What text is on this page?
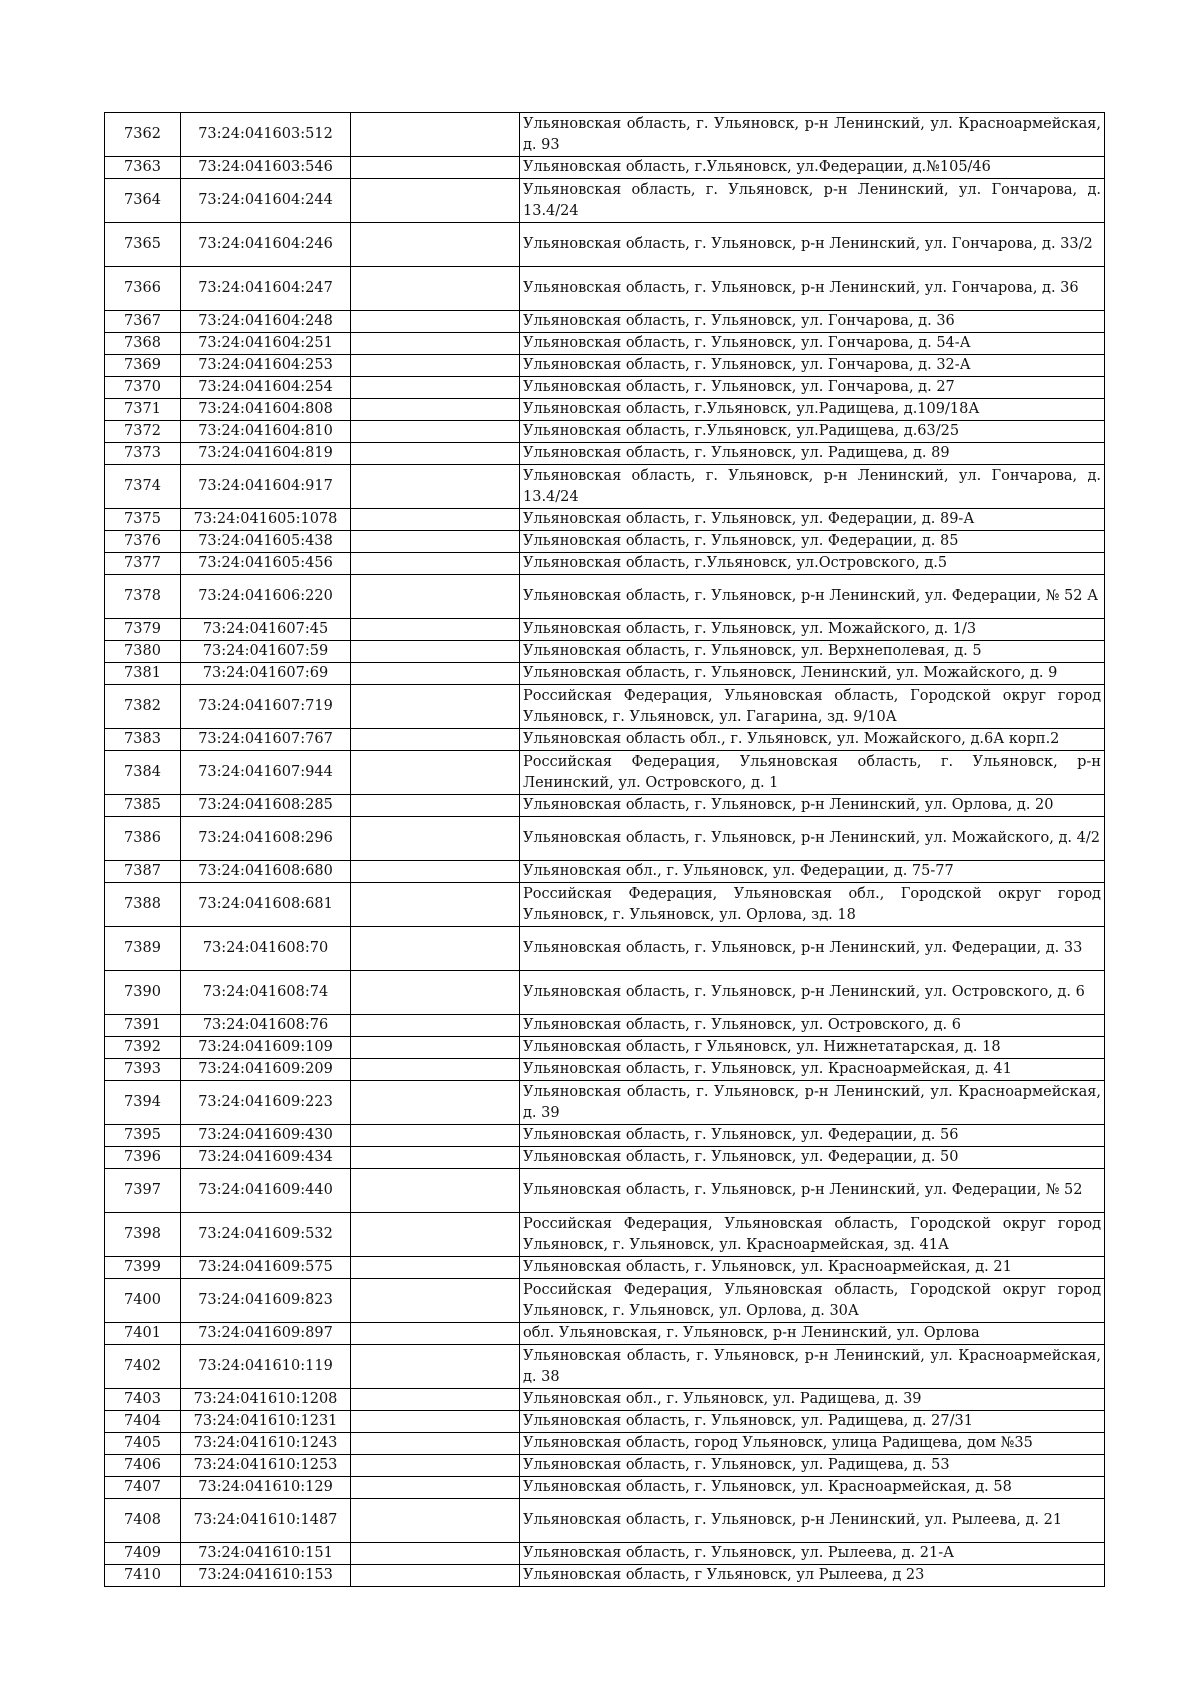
7362	73:24:041603:512		Ульяновская область, г. Ульяновск, р-н Ленинский, ул. Красноармейская, д. 93
7363	73:24:041603:546		Ульяновская область, г.Ульяновск, ул.Федерации, д.№105/46
7364	73:24:041604:244		Ульяновская область, г. Ульяновск, р-н Ленинский, ул. Гончарова, д. 13.4/24
7365	73:24:041604:246		Ульяновская область, г. Ульяновск, р-н Ленинский, ул. Гончарова, д. 33/2
7366	73:24:041604:247		Ульяновская область, г. Ульяновск, р-н Ленинский, ул. Гончарова, д. 36
7367	73:24:041604:248		Ульяновская область, г. Ульяновск, ул. Гончарова, д. 36
7368	73:24:041604:251		Ульяновская область, г. Ульяновск, ул. Гончарова, д. 54-А
7369	73:24:041604:253		Ульяновская область, г. Ульяновск, ул. Гончарова, д. 32-А
7370	73:24:041604:254		Ульяновская область, г. Ульяновск, ул. Гончарова, д. 27
7371	73:24:041604:808		Ульяновская область, г.Ульяновск, ул.Радищева, д.109/18А
7372	73:24:041604:810		Ульяновская область, г.Ульяновск, ул.Радищева, д.63/25
7373	73:24:041604:819		Ульяновская область, г. Ульяновск, ул. Радищева, д. 89
7374	73:24:041604:917		Ульяновская область, г. Ульяновск, р-н Ленинский, ул. Гончарова, д. 13.4/24
7375	73:24:041605:1078		Ульяновская область, г. Ульяновск, ул. Федерации, д. 89-А
7376	73:24:041605:438		Ульяновская область, г. Ульяновск, ул. Федерации, д. 85
7377	73:24:041605:456		Ульяновская область, г.Ульяновск, ул.Островского, д.5
7378	73:24:041606:220		Ульяновская область, г. Ульяновск, р-н Ленинский, ул. Федерации, № 52 А
7379	73:24:041607:45		Ульяновская область, г. Ульяновск, ул. Можайского, д. 1/3
7380	73:24:041607:59		Ульяновская область, г. Ульяновск, ул. Верхнеполевая, д. 5
7381	73:24:041607:69		Ульяновская область, г. Ульяновск, Ленинский, ул. Можайского, д. 9
7382	73:24:041607:719		Российская Федерация, Ульяновская область, Городской округ город Ульяновск, г. Ульяновск, ул. Гагарина, зд. 9/10А
7383	73:24:041607:767		Ульяновская область обл., г. Ульяновск, ул. Можайского, д.6А корп.2
7384	73:24:041607:944		Российская Федерация, Ульяновская область, г. Ульяновск, р-н Ленинский, ул. Островского, д. 1
7385	73:24:041608:285		Ульяновская область, г. Ульяновск, р-н Ленинский, ул. Орлова, д. 20
7386	73:24:041608:296		Ульяновская область, г. Ульяновск, р-н Ленинский, ул. Можайского, д. 4/2
7387	73:24:041608:680		Ульяновская обл., г. Ульяновск, ул. Федерации, д. 75-77
7388	73:24:041608:681		Российская Федерация, Ульяновская обл., Городской округ город Ульяновск, г. Ульяновск, ул. Орлова, зд. 18
7389	73:24:041608:70		Ульяновская область, г. Ульяновск, р-н Ленинский, ул. Федерации, д. 33
7390	73:24:041608:74		Ульяновская область, г. Ульяновск, р-н Ленинский, ул. Островского, д. 6
7391	73:24:041608:76		Ульяновская область, г. Ульяновск, ул. Островского, д. 6
7392	73:24:041609:109		Ульяновская область, г Ульяновск, ул. Нижнетатарская, д. 18
7393	73:24:041609:209		Ульяновская область, г. Ульяновск, ул. Красноармейская, д. 41
7394	73:24:041609:223		Ульяновская область, г. Ульяновск, р-н Ленинский, ул. Красноармейская, д. 39
7395	73:24:041609:430		Ульяновская область, г. Ульяновск, ул. Федерации, д. 56
7396	73:24:041609:434		Ульяновская область, г. Ульяновск, ул. Федерации, д. 50
7397	73:24:041609:440		Ульяновская область, г. Ульяновск, р-н Ленинский, ул. Федерации, № 52
7398	73:24:041609:532		Российская Федерация, Ульяновская область, Городской округ город Ульяновск, г. Ульяновск, ул. Красноармейская, зд. 41А
7399	73:24:041609:575		Ульяновская область, г. Ульяновск, ул. Красноармейская, д. 21
7400	73:24:041609:823		Российская Федерация, Ульяновская область, Городской округ город Ульяновск, г. Ульяновск, ул. Орлова, д. 30А
7401	73:24:041609:897		обл. Ульяновская, г. Ульяновск, р-н Ленинский, ул. Орлова
7402	73:24:041610:119		Ульяновская область, г. Ульяновск, р-н Ленинский, ул. Красноармейская, д. 38
7403	73:24:041610:1208		Ульяновская обл., г. Ульяновск, ул. Радищева, д. 39
7404	73:24:041610:1231		Ульяновская область, г. Ульяновск, ул. Радищева, д. 27/31
7405	73:24:041610:1243		Ульяновская область, город Ульяновск, улица Радищева, дом №35
7406	73:24:041610:1253		Ульяновская область, г. Ульяновск, ул. Радищева, д. 53
7407	73:24:041610:129		Ульяновская область, г. Ульяновск, ул. Красноармейская, д. 58
7408	73:24:041610:1487		Ульяновская область, г. Ульяновск, р-н Ленинский, ул. Рылеева, д. 21
7409	73:24:041610:151		Ульяновская область, г. Ульяновск, ул. Рылеева, д. 21-А
7410	73:24:041610:153		Ульяновская область, г Ульяновск, ул Рылеева, д 23
